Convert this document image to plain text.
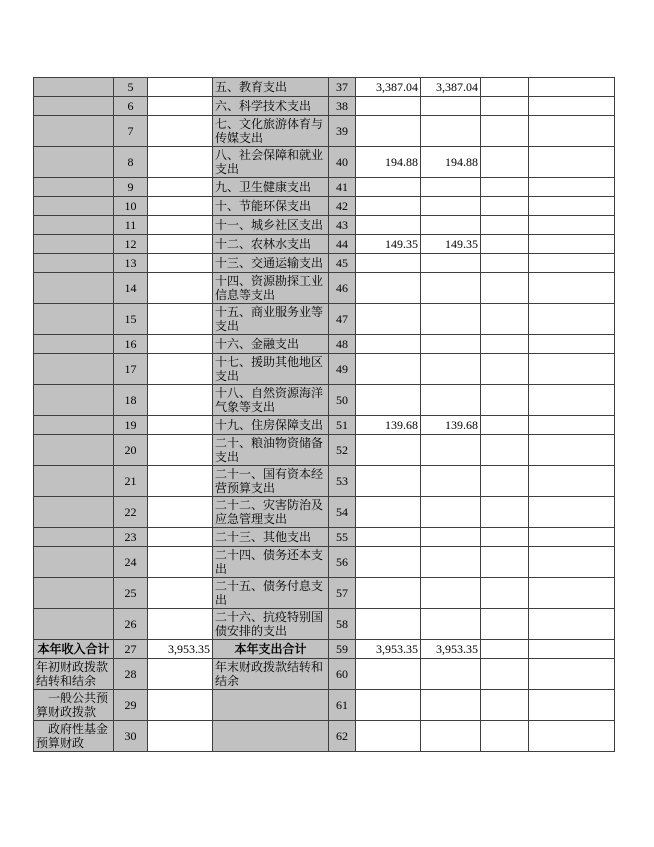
	5		五、教育支出	37	3,387.04	3,387.04		
	6		六、科学技术支出	38				
	7		七、文化旅游体育与传媒支出	39				
	8		八、社会保障和就业支出	40	194.88	194.88		
	9		九、卫生健康支出	41				
	10		十、节能环保支出	42				
	11		十一、城乡社区支出	43				
	12		十二、农林水支出	44	149.35	149.35		
	13		十三、交通运输支出	45				
	14		十四、资源勘探工业信息等支出	46				
	15		十五、商业服务业等支出	47				
	16		十六、金融支出	48				
	17		十七、援助其他地区支出	49				
	18		十八、自然资源海洋气象等支出	50				
	19		十九、住房保障支出	51	139.68	139.68		
	20		二十、粮油物资储备支出	52				
	21		二十一、国有资本经营预算支出	53				
	22		二十二、灾害防治及应急管理支出	54				
	23		二十三、其他支出	55				
	24		二十四、债务还本支出	56				
	25		二十五、债务付息支出	57				
	26		二十六、抗疫特别国债安排的支出	58				
本年收入合计	27	3,953.35	本年支出合计	59	3,953.35	3,953.35		
年初财政拨款结转和结余	28		年末财政拨款结转和结余	60				
一般公共预算财政拨款	29			61				
政府性基金预算财政	30			62				
